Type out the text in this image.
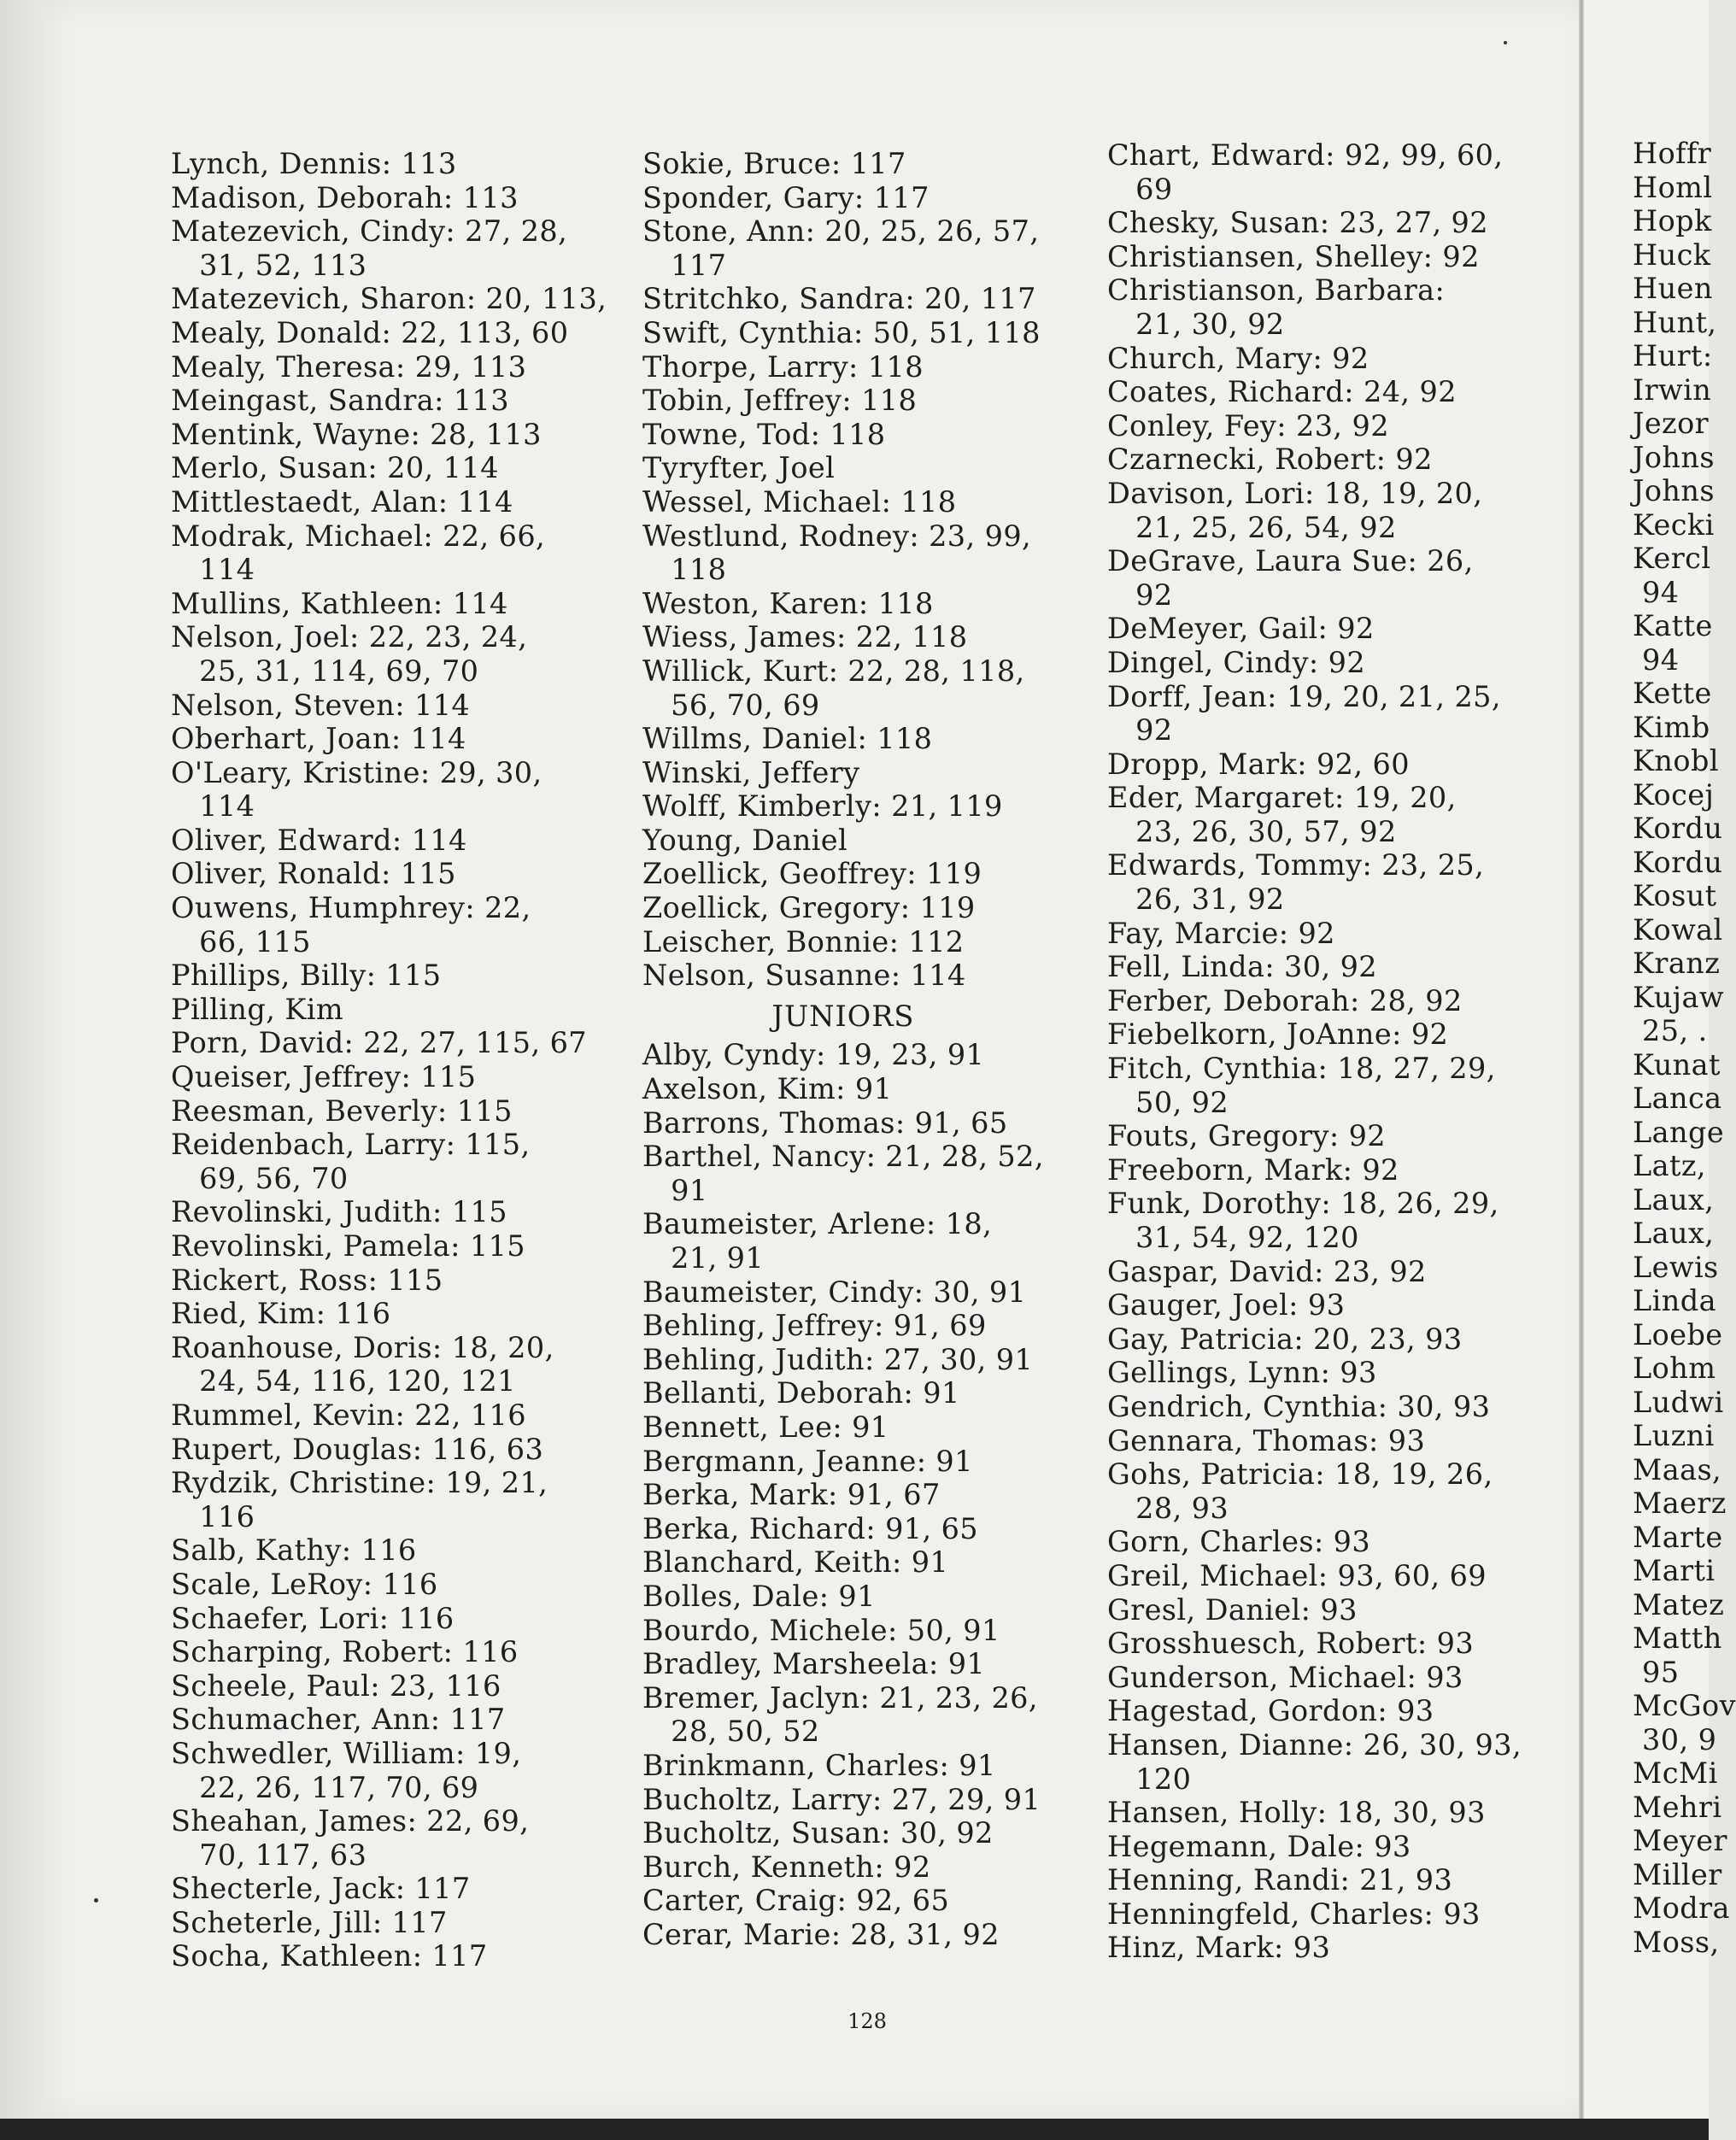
Lynch, Dennis: 113
Madison, Deborah: 113
Matezevich, Cindy: 27, 28,
31, 52, 113
Matezevich, Sharon: 20, 113,
Mealy, Donald: 22, 113, 60
Mealy, Theresa: 29, 113
Meingast, Sandra: 113
Mentink, Wayne: 28, 113
Merlo, Susan: 20, 114
Mittlestaedt, Alan: 114
Modrak, Michael: 22, 66,
114
Mullins, Kathleen: 114
Nelson, Joel: 22, 23, 24,
25, 31, 114, 69, 70
Nelson, Steven: 114
Oberhart, Joan: 114
O'Leary, Kristine: 29, 30,
114
Oliver, Edward: 114
Oliver, Ronald: 115
Ouwens, Humphrey: 22,
66, 115
Phillips, Billy: 115
Pilling, Kim
Porn, David: 22, 27, 115, 67
Queiser, Jeffrey: 115
Reesman, Beverly: 115
Reidenbach, Larry: 115,
69, 56, 70
Revolinski, Judith: 115
Revolinski, Pamela: 115
Rickert, Ross: 115
Ried, Kim: 116
Roanhouse, Doris: 18, 20,
24, 54, 116, 120, 121
Rummel, Kevin: 22, 116
Rupert, Douglas: 116, 63
Rydzik, Christine: 19, 21,
116
Salb, Kathy: 116
Scale, LeRoy: 116
Schaefer, Lori: 116
Scharping, Robert: 116
Scheele, Paul: 23, 116
Schumacher, Ann: 117
Schwedler, William: 19,
22, 26, 117, 70, 69
Sheahan, James: 22, 69,
70, 117, 63
Shecterle, Jack: 117
Scheterle, Jill: 117
Socha, Kathleen: 117
Sokie, Bruce: 117
Sponder, Gary: 117
Stone, Ann: 20, 25, 26, 57,
117
Stritchko, Sandra: 20, 117
Swift, Cynthia: 50, 51, 118
Thorpe, Larry: 118
Tobin, Jeffrey: 118
Towne, Tod: 118
Tyryfter, Joel
Wessel, Michael: 118
Westlund, Rodney: 23, 99,
118
Weston, Karen: 118
Wiess, James: 22, 118
Willick, Kurt: 22, 28, 118,
56, 70, 69
Willms, Daniel: 118
Winski, Jeffery
Wolff, Kimberly: 21, 119
Young, Daniel
Zoellick, Geoffrey: 119
Zoellick, Gregory: 119
Leischer, Bonnie: 112
Nelson, Susanne: 114
JUNIORS
Alby, Cyndy: 19, 23, 91
Axelson, Kim: 91
Barrons, Thomas: 91, 65
Barthel, Nancy: 21, 28, 52,
91
Baumeister, Arlene: 18,
21, 91
Baumeister, Cindy: 30, 91
Behling, Jeffrey: 91, 69
Behling, Judith: 27, 30, 91
Bellanti, Deborah: 91
Bennett, Lee: 91
Bergmann, Jeanne: 91
Berka, Mark: 91, 67
Berka, Richard: 91, 65
Blanchard, Keith: 91
Bolles, Dale: 91
Bourdo, Michele: 50, 91
Bradley, Marsheela: 91
Bremer, Jaclyn: 21, 23, 26,
28, 50, 52
Brinkmann, Charles: 91
Bucholtz, Larry: 27, 29, 91
Bucholtz, Susan: 30, 92
Burch, Kenneth: 92
Carter, Craig: 92, 65
Cerar, Marie: 28, 31, 92
Chart, Edward: 92, 99, 60,
69
Chesky, Susan: 23, 27, 92
Christiansen, Shelley: 92
Christianson, Barbara:
21, 30, 92
Church, Mary: 92
Coates, Richard: 24, 92
Conley, Fey: 23, 92
Czarnecki, Robert: 92
Davison, Lori: 18, 19, 20,
21, 25, 26, 54, 92
DeGrave, Laura Sue: 26,
92
DeMeyer, Gail: 92
Dingel, Cindy: 92
Dorff, Jean: 19, 20, 21, 25,
92
Dropp, Mark: 92, 60
Eder, Margaret: 19, 20,
23, 26, 30, 57, 92
Edwards, Tommy: 23, 25,
26, 31, 92
Fay, Marcie: 92
Fell, Linda: 30, 92
Ferber, Deborah: 28, 92
Fiebelkorn, JoAnne: 92
Fitch, Cynthia: 18, 27, 29,
50, 92
Fouts, Gregory: 92
Freeborn, Mark: 92
Funk, Dorothy: 18, 26, 29,
31, 54, 92, 120
Gaspar, David: 23, 92
Gauger, Joel: 93
Gay, Patricia: 20, 23, 93
Gellings, Lynn: 93
Gendrich, Cynthia: 30, 93
Gennara, Thomas: 93
Gohs, Patricia: 18, 19, 26,
28, 93
Gorn, Charles: 93
Greil, Michael: 93, 60, 69
Gresl, Daniel: 93
Grosshuesch, Robert: 93
Gunderson, Michael: 93
Hagestad, Gordon: 93
Hansen, Dianne: 26, 30, 93,
120
Hansen, Holly: 18, 30, 93
Hegemann, Dale: 93
Henning, Randi: 21, 93
Henningfeld, Charles: 93
Hinz, Mark: 93
Hoffr
Homl
Hopk
Huck
Huen
Hunt,
Hurt:
Irwin
Jezor
Johns
Johns
Kecki
Kercl
94
Katte
94
Kette
Kimb
Knobl
Kocej
Kordu
Kordu
Kosut
Kowal
Kranz
Kujaw
25, .
Kunat
Lanca
Lange
Latz,
Laux,
Laux,
Lewis
Linda
Loebe
Lohm
Ludwi
Luzni
Maas,
Maerz
Marte
Marti
Matez
Matth
95
McGov
30, 9
McMi
Mehri
Meyer
Miller
Modra
Moss,
128
